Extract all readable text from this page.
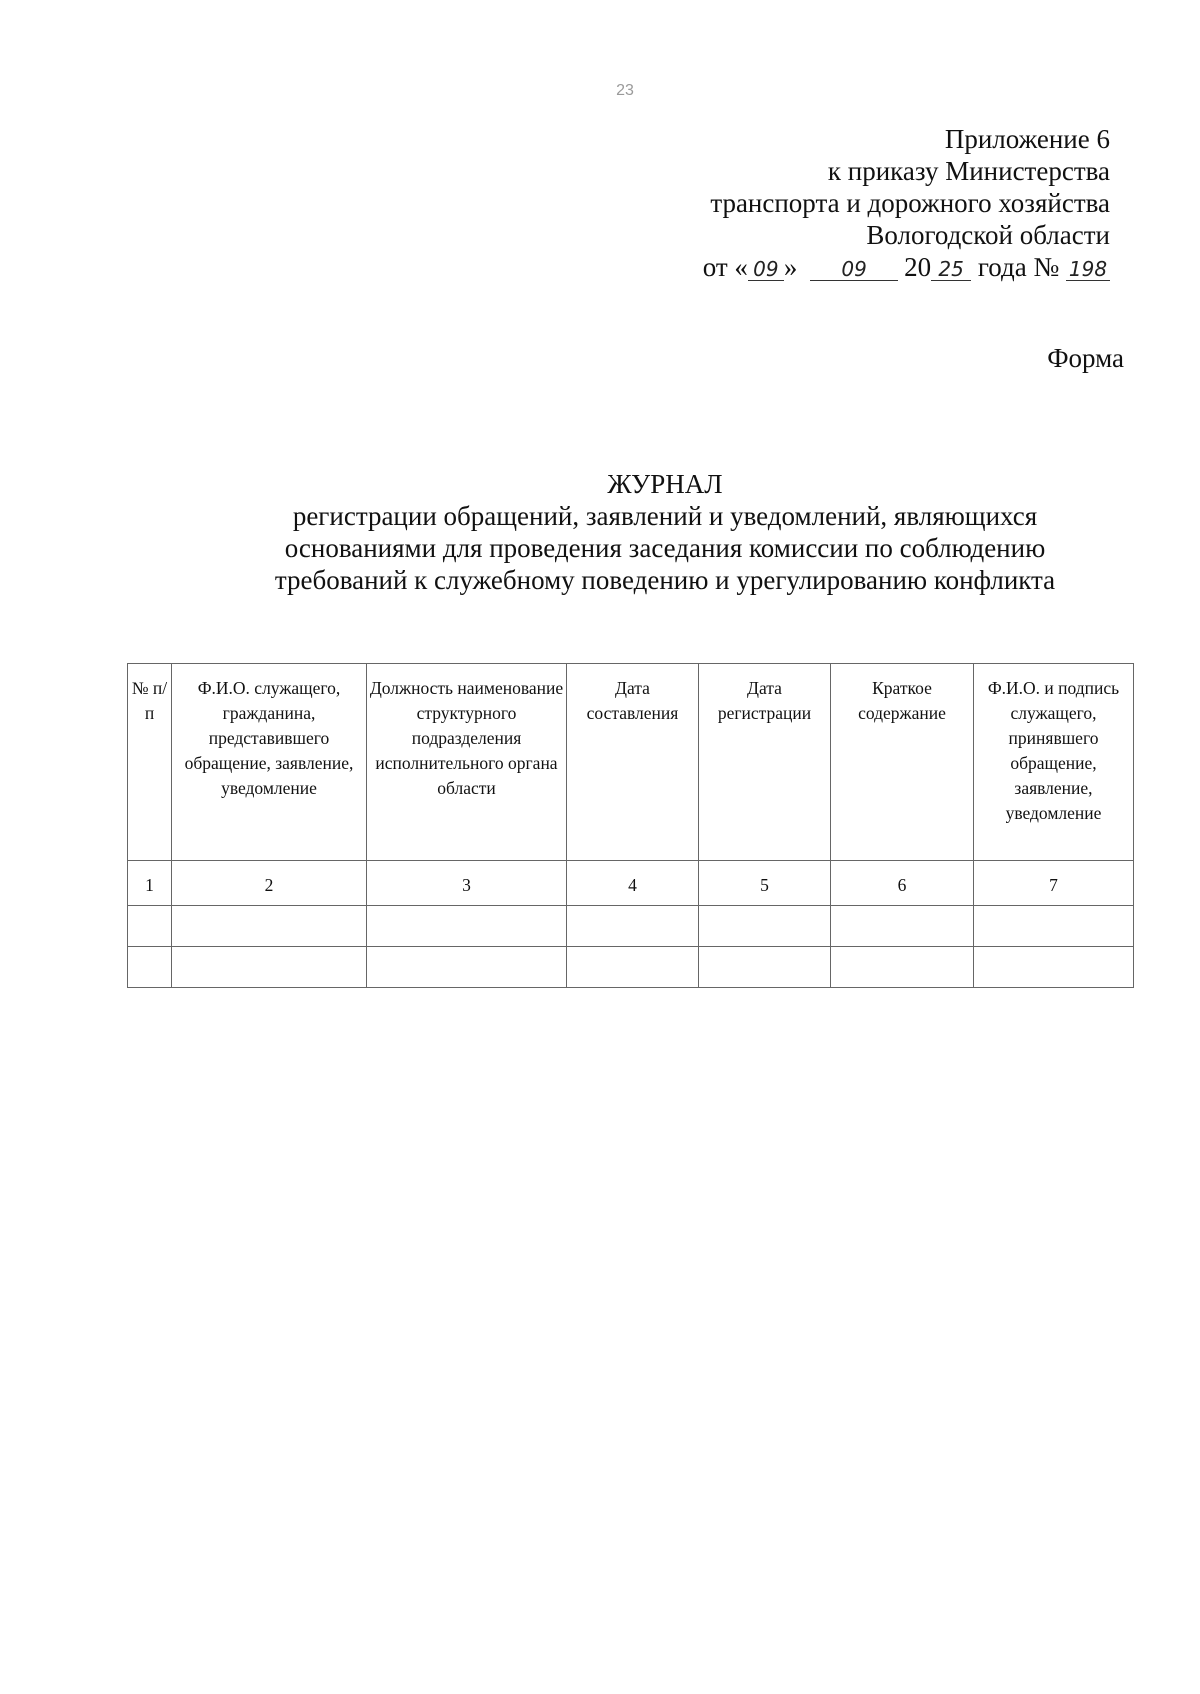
23
Приложение 6
к приказу Министерства
транспорта и дорожного хозяйства
Вологодской области
от « 09 » 09 20 25 года № 198
Форма
ЖУРНАЛ
регистрации обращений, заявлений и уведомлений, являющихся
основаниями для проведения заседания комиссии по соблюдению
требований к служебному поведению и урегулированию конфликта
№ п/п	Ф.И.О. служащего, гражданина, представившего обращение, заявление, уведомление	Должность наименование структурного подразделения исполнительного органа области	Дата составления	Дата регистрации	Краткое содержание	Ф.И.О. и подпись служащего, принявшего обращение, заявление, уведомление
1	2	3	4	5	6	7
